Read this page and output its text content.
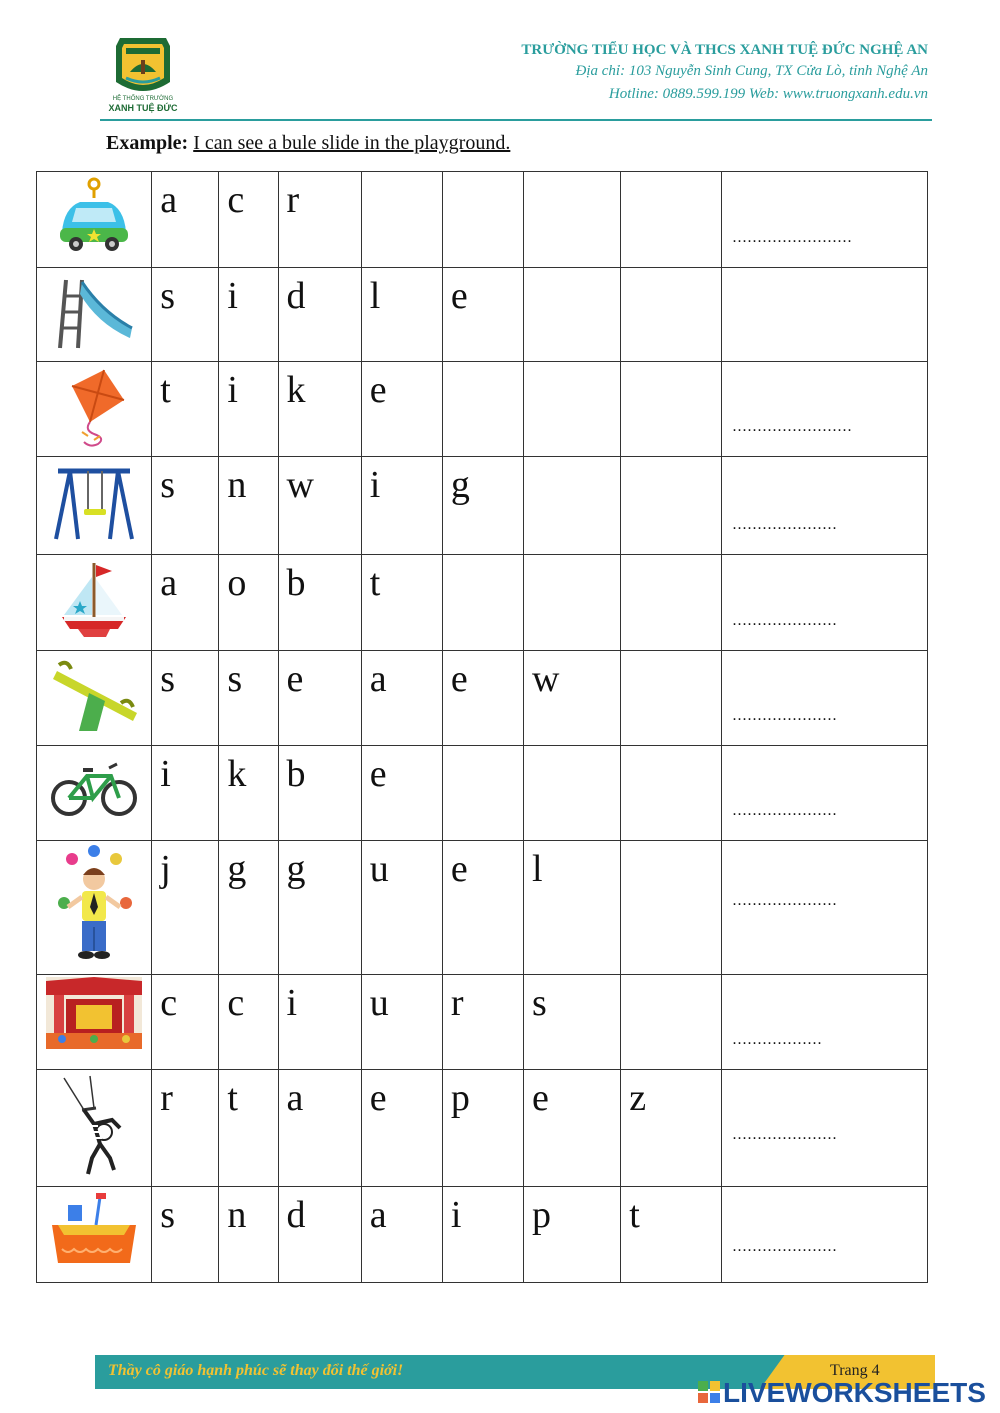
HỆ THỐNG TRƯỜNG
XANH TUỆ ĐỨC
TRƯỜNG TIỂU HỌC VÀ THCS XANH TUỆ ĐỨC NGHỆ AN
Địa chỉ: 103 Nguyễn Sinh Cung, TX Cửa Lò, tỉnh Nghệ An
Hotline: 0889.599.199 Web: www.truongxanh.edu.vn
Example: I can see a bule slide in the playground.

a	c	r					........................

s	i	d	l	e			

t	i	k	e				........................

s	n	w	i	g			.....................

a	o	b	t				.....................

s	s	e	a	e	w		.....................

i	k	b	e				.....................

j	g	g	u	e	l		.....................

c	c	i	u	r	s		..................

r	t	a	e	p	e	z	.....................

s	n	d	a	i	p	t	.....................
Thầy cô giáo hạnh phúc sẽ thay đổi thế giới!	Trang 4
LIVEWORKSHEETS
